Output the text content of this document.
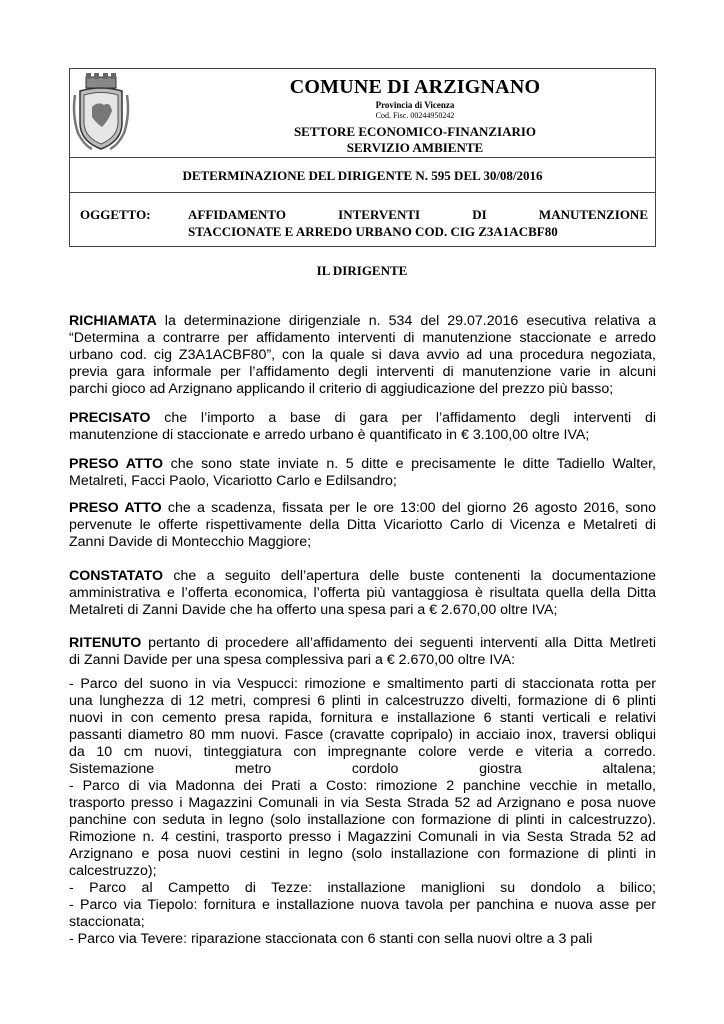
COMUNE DI ARZIGNANO
Provincia di Vicenza
Cod. Fisc. 00244950242
SETTORE ECONOMICO-FINANZIARIO
SERVIZIO AMBIENTE
DETERMINAZIONE DEL DIRIGENTE N. 595 DEL 30/08/2016
OGGETTO:	AFFIDAMENTO INTERVENTI DI MANUTENZIONE
STACCIONATE E ARREDO URBANO COD. CIG Z3A1ACBF80
IL DIRIGENTE
RICHIAMATA la determinazione dirigenziale n. 534 del 29.07.2016 esecutiva relativa a
“Determina a contrarre per affidamento interventi di manutenzione staccionate e arredo
urbano cod. cig Z3A1ACBF80”, con la quale si dava avvio ad una procedura negoziata,
previa gara informale per l’affidamento degli interventi di manutenzione varie in alcuni
parchi gioco ad Arzignano applicando il criterio di aggiudicazione del prezzo più basso;
PRECISATO che l’importo a base di gara per l’affidamento degli interventi di
manutenzione di staccionate e arredo urbano è quantificato in € 3.100,00 oltre IVA;
PRESO ATTO che sono state inviate n. 5 ditte e precisamente le ditte Tadiello Walter,
Metalreti, Facci Paolo, Vicariotto Carlo e Edilsandro;
PRESO ATTO che a scadenza, fissata per le ore 13:00 del giorno 26 agosto 2016, sono
pervenute le offerte rispettivamente della Ditta Vicariotto Carlo di Vicenza e Metalreti di
Zanni Davide di Montecchio Maggiore;
CONSTATATO che a seguito dell’apertura delle buste contenenti la documentazione
amministrativa e l’offerta economica, l’offerta più vantaggiosa è risultata quella della Ditta
Metalreti di Zanni Davide che ha offerto una spesa pari a € 2.670,00 oltre IVA;
RITENUTO pertanto di procedere all’affidamento dei seguenti interventi alla Ditta Metlreti
di Zanni Davide per una spesa complessiva pari a € 2.670,00 oltre IVA:
- Parco del suono in via Vespucci: rimozione e smaltimento parti di staccionata rotta per
una lunghezza di 12 metri, compresi 6 plinti in calcestruzzo divelti, formazione di 6 plinti
nuovi in con cemento presa rapida, fornitura e installazione 6 stanti verticali e relativi
passanti diametro 80 mm nuovi. Fasce (cravatte copripalo) in acciaio inox, traversi obliqui
da 10 cm nuovi, tinteggiatura con impregnante colore verde e viteria a corredo.
Sistemazione metro cordolo giostra altalena;
- Parco di via Madonna dei Prati a Costo: rimozione 2 panchine vecchie in metallo,
trasporto presso i Magazzini Comunali in via Sesta Strada 52 ad Arzignano e posa nuove
panchine con seduta in legno (solo installazione con formazione di plinti in calcestruzzo).
Rimozione n. 4 cestini, trasporto presso i Magazzini Comunali in via Sesta Strada 52 ad
Arzignano e posa nuovi cestini in legno (solo installazione con formazione di plinti in
calcestruzzo);
- Parco al Campetto di Tezze: installazione maniglioni su dondolo a bilico;
- Parco via Tiepolo: fornitura e installazione nuova tavola per panchina e nuova asse per
staccionata;
- Parco via Tevere: riparazione staccionata con 6 stanti con sella nuovi oltre a 3 pali
